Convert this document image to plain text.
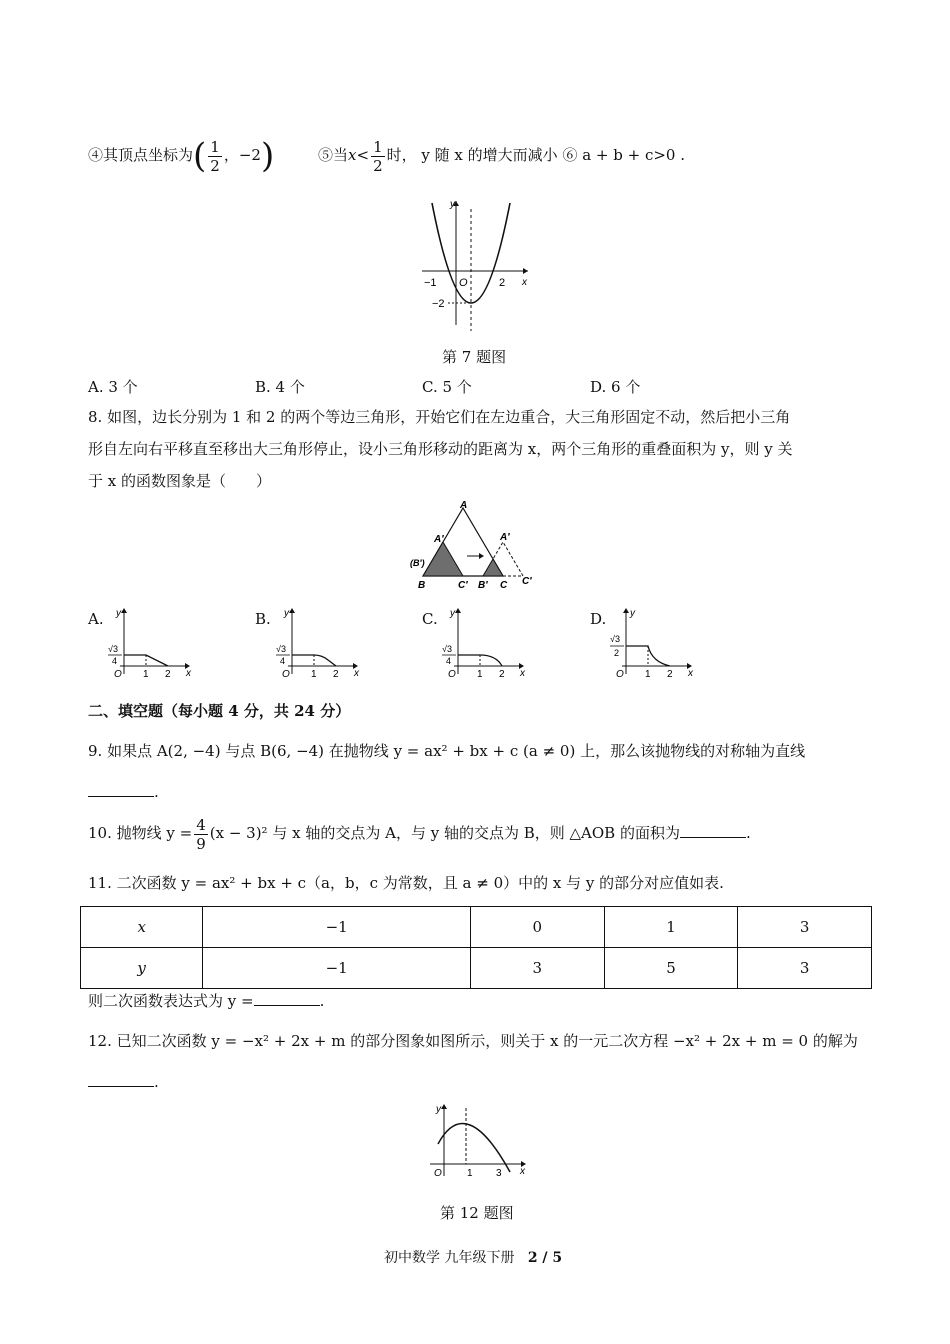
④其顶点坐标为( $\frac{1}{2}$ ，−2)	⑤当$x< \frac{1}{2}$ 时， y 随 x 的增大而减小 ⑥ a + b + c>0 .
y
x
−1 O	2
−2
第 7 题图
A. 3 个	B. 4 个	C. 5 个	D. 6 个
8. 如图，边长分别为 1 和 2 的两个等边三角形，开始它们在左边重合，大三角形固定不动，然后把小三角
形自左向右平移直至移出大三角形停止，设小三角形移动的距离为 x，两个三角形的重叠面积为 y，则 y 关
于 x 的函数图象是（　　）
A
A′	A′
(B′)
B	C′ B′ C C′
A.	B.	C.	D.
y
√3
4
O 1 2 x
y
√3
4
O 1 2 x
y
√3
4
O 1 2 x
y
√3
2
O 1 2 x
二、填空题（每小题 4 分，共 24 分）
9. 如果点 A(2, −4) 与点 B(6, −4) 在抛物线 y = ax² + bx + c (a ≠ 0) 上，那么该抛物线的对称轴为直线
.
10. 抛物线 $y = \frac{4}{9} (x - 3)^2$ 与 x 轴的交点为 A，与 y 轴的交点为 B，则 △AOB 的面积为	.
11. 二次函数 y = ax² + bx + c（a，b，c 为常数，且 a ≠ 0）中的 x 与 y 的部分对应值如表.
x	−1	0	1	3
y	−1	3	5	3
则二次函数表达式为 y =	.
12. 已知二次函数 y = −x² + 2x + m 的部分图象如图所示，则关于 x 的一元二次方程 −x² + 2x + m = 0 的解为
.
y
O	1 3 x
第 12 题图
初中数学 九年级下册 2 / 5
